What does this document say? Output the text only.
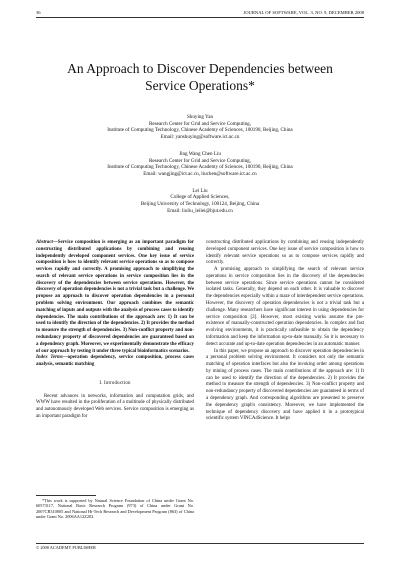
36	JOURNAL OF SOFTWARE, VOL. 3, NO. 9, DECEMBER 2008
An Approach to Discover Dependencies between
Service Operations*
Shuying Yan
Research Center for Grid and Service Computing,
Institute of Computing Technology, Chinese Academy of Sciences, 100190, Beijing, China
Email: yanshuying@software.ict.ac.cn
Jing Wang Chen Liu
Research Center for Grid and Service Computing,
Institute of Computing Technology, Chinese Academy of Sciences, 100190, Beijing, China
Email: wangjing@ict.ac.cn, liuchen@software.ict.ac.cn
Lei Liu
College of Applied Sciences,
Beijing University of Technology, 100124, Beijing, China
Email: liuliu_leilei@bjut.edu.cn

Abstract—Service composition is emerging as an important paradigm for constructing distributed applications by combining and reusing independently developed component services. One key issue of service composition is how to identify relevant service operations so as to compose services rapidly and correctly. A promising approach to simplifying the search of relevant service operations in service composition lies in the discovery of the dependencies between service operations. However, the discovery of operation dependencies is not a trivial task but a challenge. We propose an approach to discover operation dependencies in a personal problem solving environment. Our approach combines the semantic matching of inputs and outputs with the analysis of process cases to identify dependencies. The main contributions of the approach are: 1) It can be used to identify the direction of the dependencies. 2) It provides the method to measure the strength of dependencies. 3) Non-conflict property and non-redundancy property of discovered dependencies are guaranteed based on a dependency graph. Moreover, we experimentally demonstrate the efficacy of our approach by testing it under three typical bioinformatics scenarios.

Index Terms—operation dependency, service composition, process cases analysis, semantic matching

I. Introduction

Recent advances in networks, information and computation grids, and WWW have resulted in the proliferation of a multitude of physically distributed and autonomously developed Web services. Service composition is emerging as an important paradigm for

*This work is supported by Natural Science Foundation of China under Grant No. 60573117, National Basic Research Program (973) of China under Grant No. 2007CB310805 and National Hi-Tech Research and Development Program (863) of China under Grant No. 2006AA12Z202.

constructing distributed applications by combining and reusing independently developed component services. One key issue of service composition is how to identify relevant service operations so as to compose services rapidly and correctly.

A promising approach to simplifying the search of relevant service operations in service composition lies in the discovery of the dependencies between service operations. Since service operations cannot be considered isolated tasks. Generally, they depend on each other. It is valuable to discover the dependencies especially within a maze of interdependent service operations. However, the discovery of operation dependencies is not a trivial task but a challenge. Many researchers have significant interest in using dependencies for service composition [2]. However, most existing works assume the pre-existence of manually-constructed operation dependencies. In complex and fast evolving environments, it is practically unfeasible to obtain the dependency information and keep the information up-to-date manually. So it is necessary to detect accurate and up-to-date operation dependencies in an automatic manner.

In this paper, we propose an approach to discover operation dependencies in a personal problem solving environment. It considers not only the semantic matching of operation interfaces but also the invoking order among operations by mining of process cases. The main contributions of the approach are: 1) It can be used to identify the direction of the dependencies. 2) It provides the method to measure the strength of dependencies. 3) Non-conflict property and non-redundancy property of discovered dependencies are guaranteed in terms of a dependency graph. And corresponding algorithms are presented to preserve the dependency graph's consistency. Moreover, we have implemented the technique of dependency discovery and have applied it in a prototypical scientific system VINCA4Science. It helps

© 2008 ACADEMY PUBLISHER
